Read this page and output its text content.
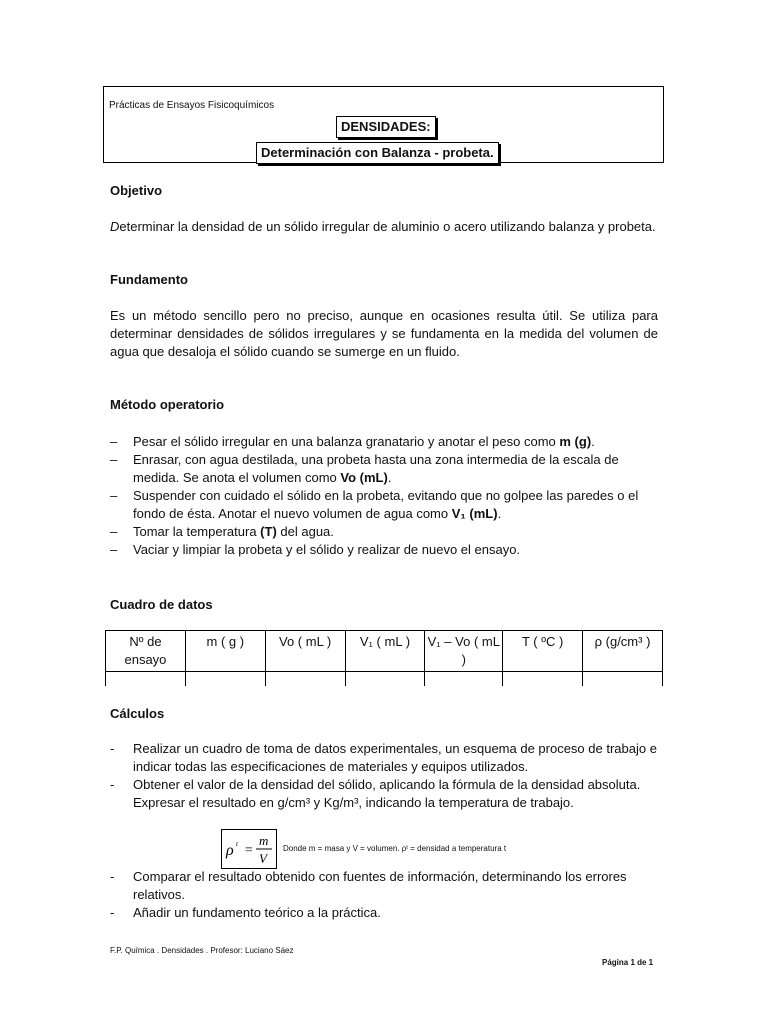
Prácticas de Ensayos Fisicoquímicos
DENSIDADES:
Determinación con Balanza - probeta.
Objetivo
Determinar la densidad de un sólido irregular de aluminio o acero utilizando balanza y probeta.
Fundamento
Es un método sencillo pero no preciso, aunque en ocasiones resulta útil. Se utiliza para determinar densidades de sólidos irregulares y se fundamenta en la medida del volumen de agua que desaloja el sólido cuando se sumerge en un fluido.
Método operatorio
– Pesar el sólido irregular en una balanza granatario y anotar el peso como m (g).
– Enrasar, con agua destilada, una probeta hasta una zona intermedia de la escala de medida. Se anota el volumen como Vo (mL).
– Suspender con cuidado el sólido en la probeta, evitando que no golpee las paredes o el fondo de ésta. Anotar el nuevo volumen de agua como V₁ (mL).
– Tomar la temperatura (T) del agua.
– Vaciar y limpiar la probeta y el sólido y realizar de nuevo el ensayo.
Cuadro de datos
Nº de ensayo	m ( g )	Vo ( mL )	V₁ ( mL )	V₁ – Vo ( mL )	T ( ºC )	ρ (g/cm³ )

Cálculos
- Realizar un cuadro de toma de datos experimentales, un esquema de proceso de trabajo e indicar todas las especificaciones de materiales y equipos utilizados.
- Obtener el valor de la densidad del sólido, aplicando la fórmula de la densidad absoluta. Expresar el resultado en g/cm³ y Kg/m³, indicando la temperatura de trabajo.
ρ t =
m
V
Donde m = masa y V = volumen. ρᵗ = densidad a temperatura t
- Comparar el resultado obtenido con fuentes de información, determinando los errores relativos.
- Añadir un fundamento teórico a la práctica.
F.P. Química . Densidades . Profesor: Luciano Sáez
Página 1 de 1
